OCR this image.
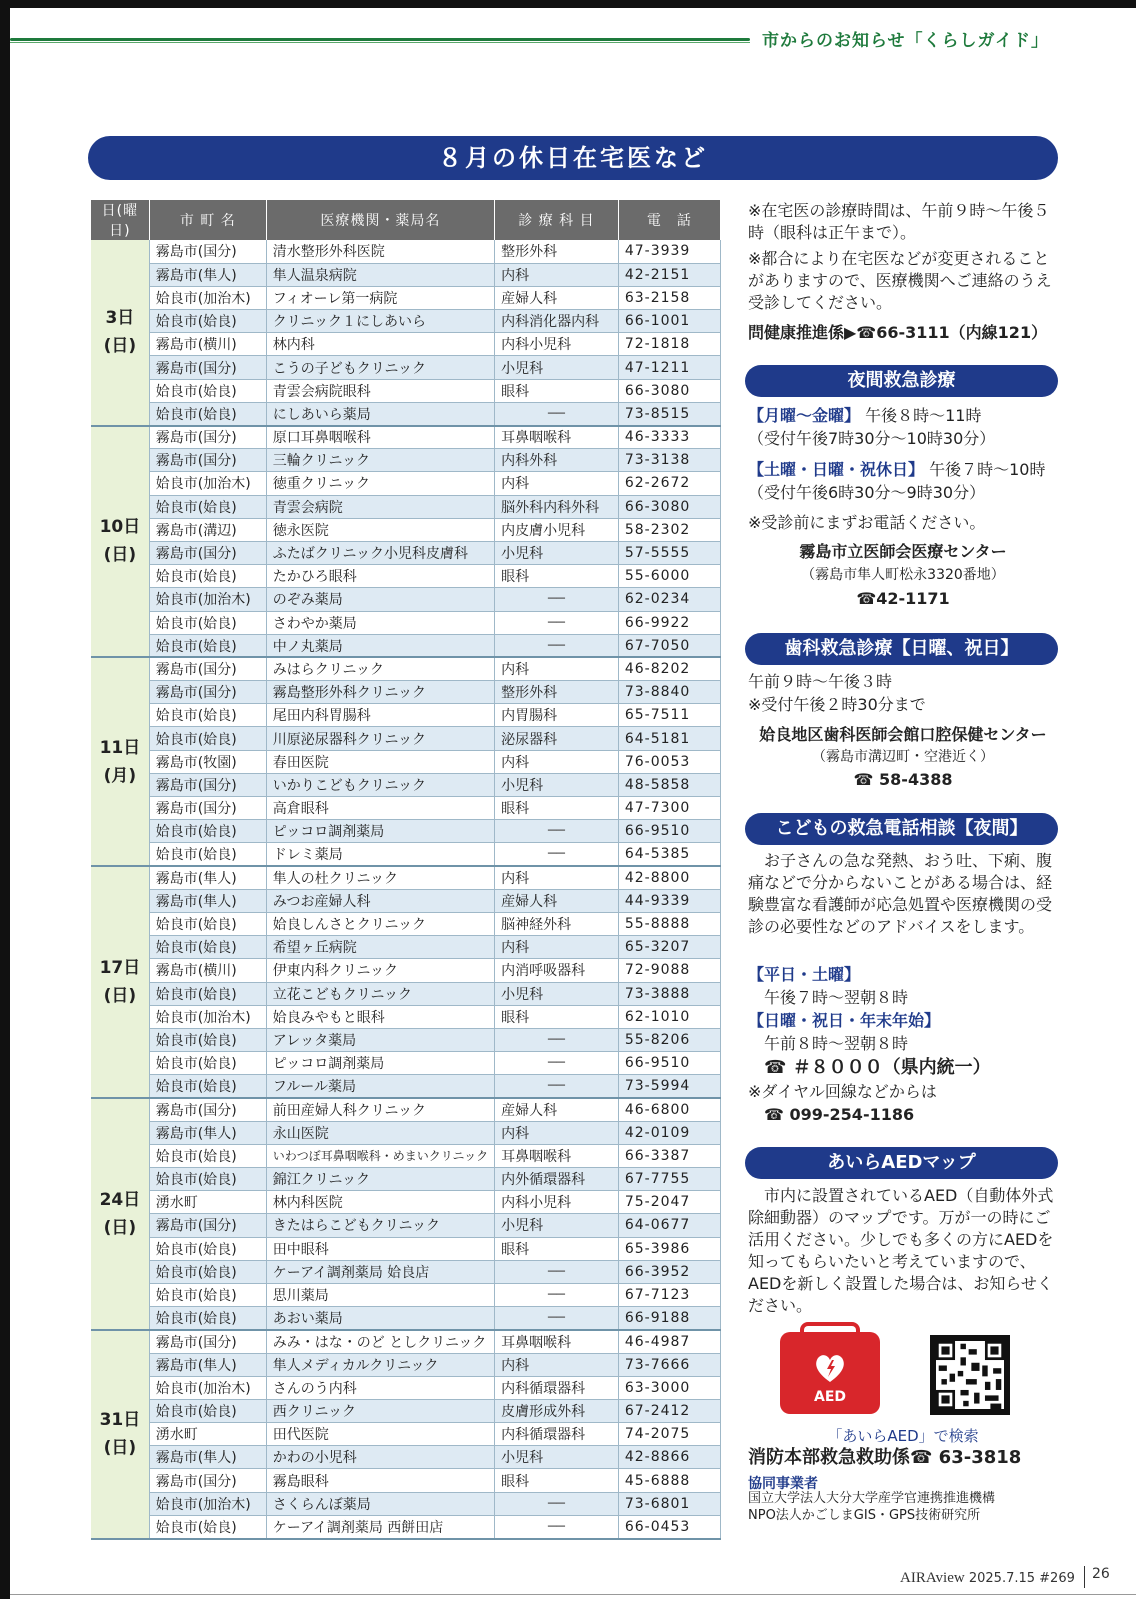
市からのお知らせ「くらしガイド」
８月の休日在宅医など
日(曜日)	市 町 名	医療機関・薬局名	診 療 科 目	電　話

3日
(日)	霧島市(国分)	清水整形外科医院	整形外科	47-3939
	霧島市(隼人)	隼人温泉病院	内科	42-2151
	姶良市(加治木)	フィオーレ第一病院	産婦人科	63-2158
	姶良市(姶良)	クリニック１にしあいら	内科消化器内科	66-1001
	霧島市(横川)	林内科	内科小児科	72-1818
	霧島市(国分)	こうの子どもクリニック	小児科	47-1211
	姶良市(姶良)	青雲会病院眼科	眼科	66-3080
	姶良市(姶良)	にしあいら薬局	──	73-8515

10日
(日)	霧島市(国分)	原口耳鼻咽喉科	耳鼻咽喉科	46-3333
	霧島市(国分)	三輪クリニック	内科外科	73-3138
	姶良市(加治木)	徳重クリニック	内科	62-2672
	姶良市(姶良)	青雲会病院	脳外科内科外科	66-3080
	霧島市(溝辺)	徳永医院	内皮膚小児科	58-2302
	霧島市(国分)	ふたばクリニック小児科皮膚科	小児科	57-5555
	姶良市(姶良)	たかひろ眼科	眼科	55-6000
	姶良市(加治木)	のぞみ薬局	──	62-0234
	姶良市(姶良)	さわやか薬局	──	66-9922
	姶良市(姶良)	中ノ丸薬局	──	67-7050

11日
(月)	霧島市(国分)	みはらクリニック	内科	46-8202
	霧島市(国分)	霧島整形外科クリニック	整形外科	73-8840
	姶良市(姶良)	尾田内科胃腸科	内胃腸科	65-7511
	姶良市(姶良)	川原泌尿器科クリニック	泌尿器科	64-5181
	霧島市(牧園)	春田医院	内科	76-0053
	霧島市(国分)	いかりこどもクリニック	小児科	48-5858
	霧島市(国分)	高倉眼科	眼科	47-7300
	姶良市(姶良)	ピッコロ調剤薬局	──	66-9510
	姶良市(姶良)	ドレミ薬局	──	64-5385

17日
(日)	霧島市(隼人)	隼人の杜クリニック	内科	42-8800
	霧島市(隼人)	みつお産婦人科	産婦人科	44-9339
	姶良市(姶良)	姶良しんさとクリニック	脳神経外科	55-8888
	姶良市(姶良)	希望ヶ丘病院	内科	65-3207
	霧島市(横川)	伊東内科クリニック	内消呼吸器科	72-9088
	姶良市(姶良)	立花こどもクリニック	小児科	73-3888
	姶良市(加治木)	姶良みやもと眼科	眼科	62-1010
	姶良市(姶良)	アレッタ薬局	──	55-8206
	姶良市(姶良)	ピッコロ調剤薬局	──	66-9510
	姶良市(姶良)	フルール薬局	──	73-5994

24日
(日)	霧島市(国分)	前田産婦人科クリニック	産婦人科	46-6800
	霧島市(隼人)	永山医院	内科	42-0109
	姶良市(姶良)	いわつぼ耳鼻咽喉科・めまいクリニック	耳鼻咽喉科	66-3387
	姶良市(姶良)	錦江クリニック	内外循環器科	67-7755
	湧水町	林内科医院	内科小児科	75-2047
	霧島市(国分)	きたはらこどもクリニック	小児科	64-0677
	姶良市(姶良)	田中眼科	眼科	65-3986
	姶良市(姶良)	ケーアイ調剤薬局 姶良店	──	66-3952
	姶良市(姶良)	思川薬局	──	67-7123
	姶良市(姶良)	あおい薬局	──	66-9188

31日
(日)	霧島市(国分)	みみ・はな・のど としクリニック	耳鼻咽喉科	46-4987
	霧島市(隼人)	隼人メディカルクリニック	内科	73-7666
	姶良市(加治木)	さんのう内科	内科循環器科	63-3000
	姶良市(姶良)	西クリニック	皮膚形成外科	67-2412
	湧水町	田代医院	内科循環器科	74-2075
	霧島市(隼人)	かわの小児科	小児科	42-8866
	霧島市(国分)	霧島眼科	眼科	45-6888
	姶良市(加治木)	さくらんぼ薬局	──	73-6801
	姶良市(姶良)	ケーアイ調剤薬局 西餅田店	──	66-0453
※在宅医の診療時間は、午前９時〜午後５時（眼科は正午まで）。
※都合により在宅医などが変更されることがありますので、医療機関へご連絡のうえ受診してください。
問健康推進係▶☎66-3111（内線121）
夜間救急診療
【月曜〜金曜】 午後８時〜11時
（受付午後7時30分〜10時30分）
【土曜・日曜・祝休日】 午後７時〜10時
（受付午後6時30分〜9時30分）
※受診前にまずお電話ください。
霧島市立医師会医療センター
（霧島市隼人町松永3320番地）
☎42-1171
歯科救急診療【日曜、祝日】
午前９時〜午後３時
※受付午後２時30分まで
姶良地区歯科医師会館口腔保健センター
（霧島市溝辺町・空港近く）
☎ 58-4388
こどもの救急電話相談【夜間】
お子さんの急な発熱、おう吐、下痢、腹痛などで分からないことがある場合は、経験豊富な看護師が応急処置や医療機関の受診の必要性などのアドバイスをします。
【平日・土曜】
午後７時〜翌朝８時
【日曜・祝日・年末年始】
午前８時〜翌朝８時
☎ ＃８０００（県内統一）
※ダイヤル回線などからは
☎ 099-254-1186
あいらAEDマップ
市内に設置されているAED（自動体外式除細動器）のマップです。万が一の時にご活用ください。少しでも多くの方にAEDを知ってもらいたいと考えていますので、AEDを新しく設置した場合は、お知らせください。
AED
「あいらAED」で検索
消防本部救急救助係☎ 63-3818
協同事業者
国立大学法人大分大学産学官連携推進機構
NPO法人かごしまGIS・GPS技術研究所
AIRAview 2025.7.15 #269 26
